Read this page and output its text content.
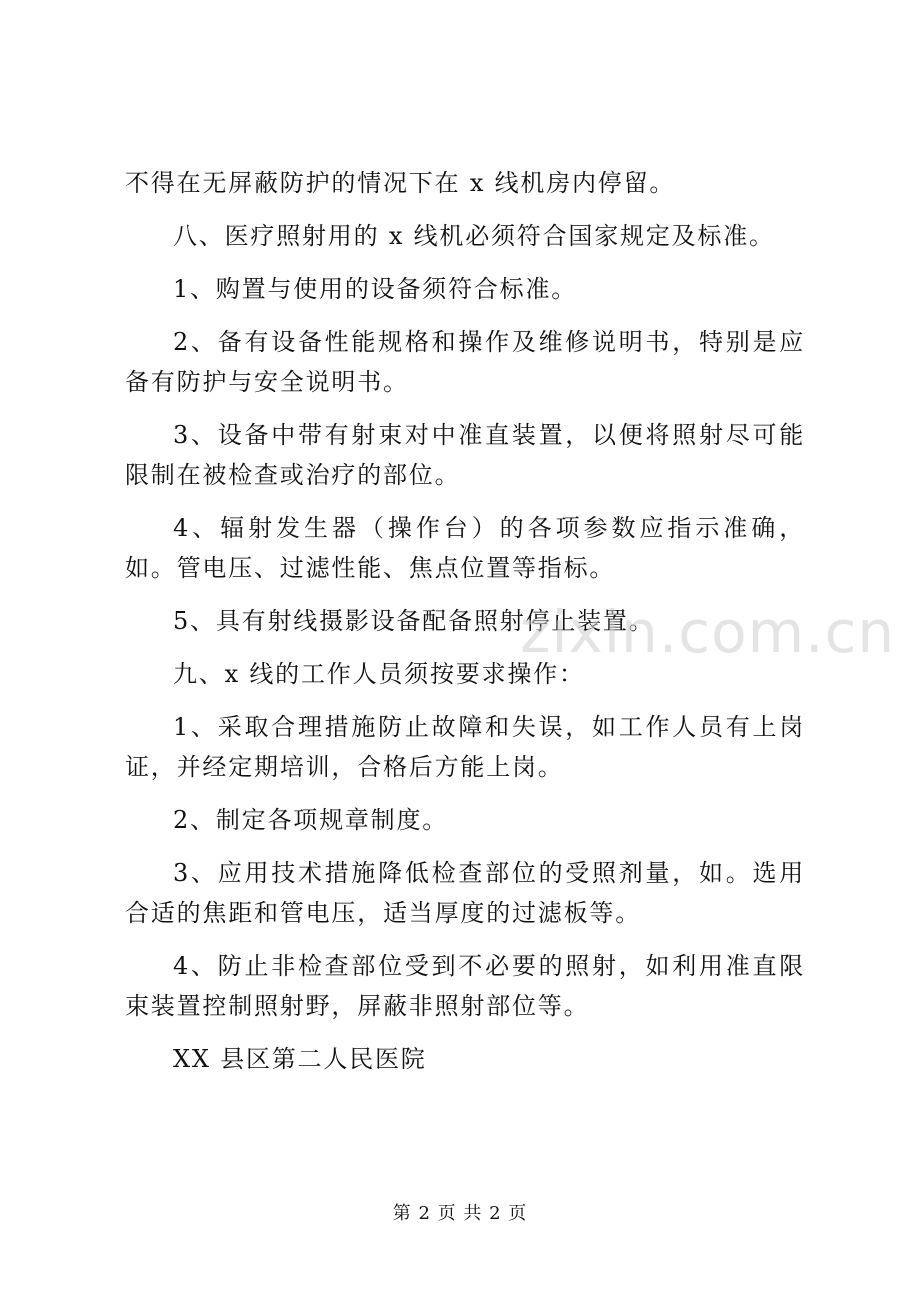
不得在无屏蔽防护的情况下在 x 线机房内停留。

八、医疗照射用的 x 线机必须符合国家规定及标准。

1、购置与使用的设备须符合标准。

2、备有设备性能规格和操作及维修说明书，特别是应备有防护与安全说明书。

3、设备中带有射束对中准直装置，以便将照射尽可能限制在被检查或治疗的部位。

4、辐射发生器（操作台）的各项参数应指示准确，如。管电压、过滤性能、焦点位置等指标。

5、具有射线摄影设备配备照射停止装置。

九、x 线的工作人员须按要求操作：

1、采取合理措施防止故障和失误，如工作人员有上岗证，并经定期培训，合格后方能上岗。

2、制定各项规章制度。

3、应用技术措施降低检查部位的受照剂量，如。选用合适的焦距和管电压，适当厚度的过滤板等。

4、防止非检查部位受到不必要的照射，如利用准直限束装置控制照射野，屏蔽非照射部位等。

XX 县区第二人民医院

zixin.com.cn
第 2 页 共 2 页
